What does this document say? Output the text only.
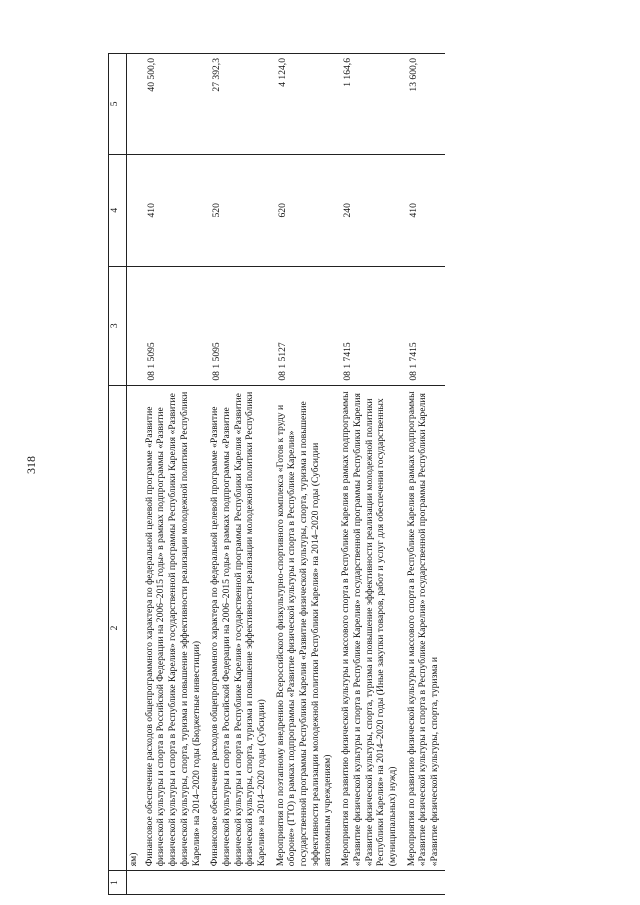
318
1	2	3	4	5
	ям)			
	Финансовое обеспечение расходов общепрограммного характера по федеральной целевой программе «Развитие физической культуры и спорта в Российской Федерации на 2006–2015 годы» в рамках подпрограммы «Развитие физической культуры и спорта в Республике Карелия» государственной программы Республики Карелия «Развитие физической культуры, спорта, туризма и повышение эффективности реализации молодежной политики Республики Карелия» на 2014–2020 годы (Бюджетные инвестиции)	08 1 5095	410	40 500,0
	Финансовое обеспечение расходов общепрограммного характера по федеральной целевой программе «Развитие физической культуры и спорта в Российской Федерации на 2006–2015 годы» в рамках подпрограммы «Развитие физической культуры и спорта в Республике Карелия» государственной программы Республики Карелия «Развитие физической культуры, спорта, туризма и повышение эффективности реализации молодежной политики Республики Карелия» на 2014–2020 годы (Субсидии)	08 1 5095	520	27 392,3
	Мероприятия по поэтапному внедрению Всероссийского физкультурно-спортивного комплекса «Готов к труду и обороне» (ГТО) в рамках подпрограммы «Развитие физической культуры и спорта в Республике Карелия» государственной программы Республики Карелия «Развитие физической культуры, спорта, туризма и повышение эффективности реализации молодежной политики Республики Карелия» на 2014–2020 годы (Субсидии автономным учреждениям)	08 1 5127	620	4 124,0
	Мероприятия по развитию физической культуры и массового спорта в Республике Карелия в рамках подпрограммы «Развитие физической культуры и спорта в Республике Карелия» государственной программы Республики Карелия «Развитие физической культуры, спорта, туризма и повышение эффективности реализации молодежной политики Республики Карелия» на 2014–2020 годы (Иные закупки товаров, работ и услуг для обеспечения государственных (муниципальных) нужд)	08 1 7415	240	1 164,6
	Мероприятия по развитию физической культуры и массового спорта в Республике Карелия в рамках подпрограммы «Развитие физической культуры и спорта в Республике Карелия» государственной программы Республики Карелия «Развитие физической культуры, спорта, туризма и	08 1 7415	410	13 600,0
